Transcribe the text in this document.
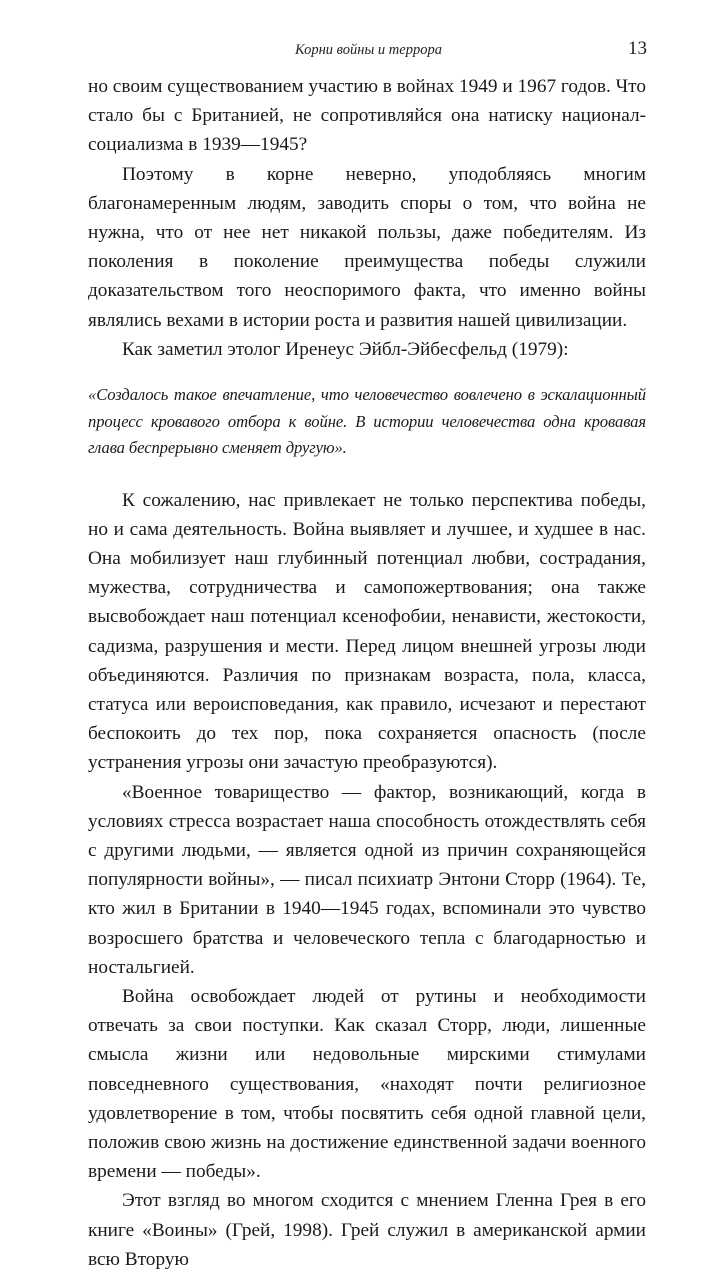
Корни войны и террора	13

но своим существованием участию в войнах 1949 и 1967 годов. Что стало бы с Британией, не сопротивляйся она натиску национал-социализма в 1939—1945?

Поэтому в корне неверно, уподобляясь многим благонамеренным людям, заводить споры о том, что война не нужна, что от нее нет никакой пользы, даже победителям. Из поколения в поколение преимущества победы служили доказательством того неоспоримого факта, что именно войны являлись вехами в истории роста и развития нашей цивилизации.

Как заметил этолог Иренеус Эйбл-Эйбесфельд (1979):

«Создалось такое впечатление, что человечество вовлечено в эскалационный процесс кровавого отбора к войне. В истории человечества одна кровавая глава беспрерывно сменяет другую».

К сожалению, нас привлекает не только перспектива победы, но и сама деятельность. Война выявляет и лучшее, и худшее в нас. Она мобилизует наш глубинный потенциал любви, сострадания, мужества, сотрудничества и самопожертвования; она также высвобождает наш потенциал ксенофобии, ненависти, жестокости, садизма, разрушения и мести. Перед лицом внешней угрозы люди объединяются. Различия по признакам возраста, пола, класса, статуса или вероисповедания, как правило, исчезают и перестают беспокоить до тех пор, пока сохраняется опасность (после устранения угрозы они зачастую преобразуются).

«Военное товарищество — фактор, возникающий, когда в условиях стресса возрастает наша способность отождествлять себя с другими людьми, — является одной из причин сохраняющейся популярности войны», — писал психиатр Энтони Сторр (1964). Те, кто жил в Британии в 1940—1945 годах, вспоминали это чувство возросшего братства и человеческого тепла с благодарностью и ностальгией.

Война освобождает людей от рутины и необходимости отвечать за свои поступки. Как сказал Сторр, люди, лишенные смысла жизни или недовольные мирскими стимулами повседневного существования, «находят почти религиозное удовлетворение в том, чтобы посвятить себя одной главной цели, положив свою жизнь на достижение единственной задачи военного времени — победы».

Этот взгляд во многом сходится с мнением Гленна Грея в его книге «Воины» (Грей, 1998). Грей служил в американской армии всю Вторую
